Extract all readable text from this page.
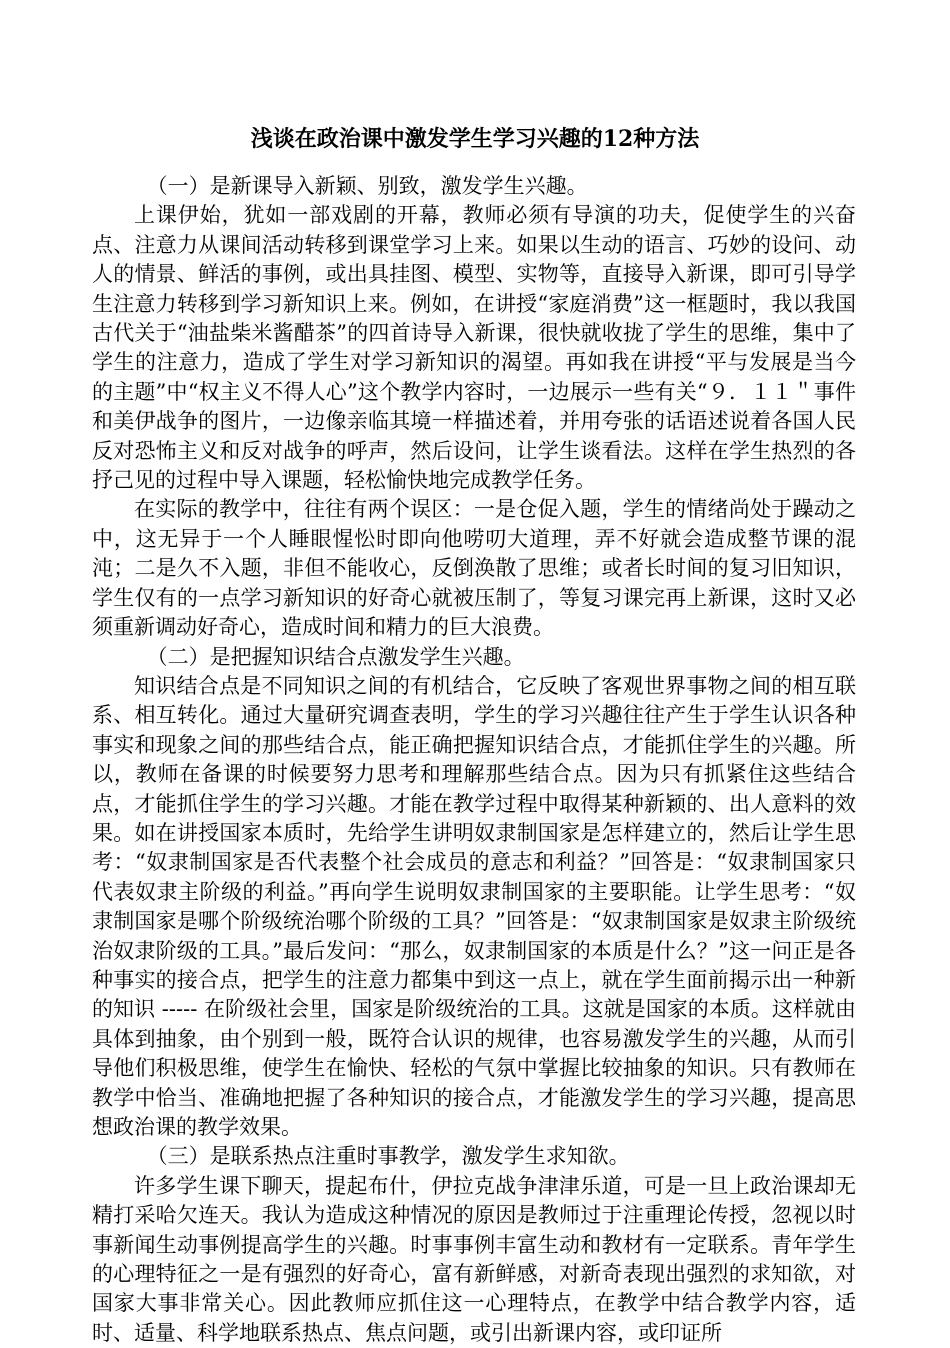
浅谈在政治课中激发学生学习兴趣的12种方法

（一）是新课导入新颖、别致，激发学生兴趣。

上课伊始，犹如一部戏剧的开幕，教师必须有导演的功夫，促使学生的兴奋点、注意力从课间活动转移到课堂学习上来。如果以生动的语言、巧妙的设问、动人的情景、鲜活的事例，或出具挂图、模型、实物等，直接导入新课，即可引导学生注意力转移到学习新知识上来。例如，在讲授“家庭消费”这一框题时，我以我国古代关于“油盐柴米酱醋茶”的四首诗导入新课，很快就收拢了学生的思维，集中了学生的注意力，造成了学生对学习新知识的渴望。再如我在讲授“平与发展是当今的主题”中“权主义不得人心”这个教学内容时，一边展示一些有关“９．１１＂事件和美伊战争的图片，一边像亲临其境一样描述着，并用夸张的话语述说着各国人民反对恐怖主义和反对战争的呼声，然后设问，让学生谈看法。这样在学生热烈的各抒己见的过程中导入课题，轻松愉快地完成教学任务。

在实际的教学中，往往有两个误区：一是仓促入题，学生的情绪尚处于躁动之中，这无异于一个人睡眼惺忪时即向他唠叨大道理，弄不好就会造成整节课的混沌；二是久不入题，非但不能收心，反倒涣散了思维；或者长时间的复习旧知识，学生仅有的一点学习新知识的好奇心就被压制了，等复习课完再上新课，这时又必须重新调动好奇心，造成时间和精力的巨大浪费。

（二）是把握知识结合点激发学生兴趣。

知识结合点是不同知识之间的有机结合，它反映了客观世界事物之间的相互联系、相互转化。通过大量研究调查表明，学生的学习兴趣往往产生于学生认识各种事实和现象之间的那些结合点，能正确把握知识结合点，才能抓住学生的兴趣。所以，教师在备课的时候要努力思考和理解那些结合点。因为只有抓紧住这些结合点，才能抓住学生的学习兴趣。才能在教学过程中取得某种新颖的、出人意料的效果。如在讲授国家本质时，先给学生讲明奴隶制国家是怎样建立的，然后让学生思考：“奴隶制国家是否代表整个社会成员的意志和利益？”回答是：“奴隶制国家只代表奴隶主阶级的利益。”再向学生说明奴隶制国家的主要职能。让学生思考：“奴隶制国家是哪个阶级统治哪个阶级的工具？”回答是：“奴隶制国家是奴隶主阶级统治奴隶阶级的工具。”最后发问：“那么，奴隶制国家的本质是什么？”这一问正是各种事实的接合点，把学生的注意力都集中到这一点上，就在学生面前揭示出一种新的知识 ----- 在阶级社会里，国家是阶级统治的工具。这就是国家的本质。这样就由具体到抽象，由个别到一般，既符合认识的规律，也容易激发学生的兴趣，从而引导他们积极思维，使学生在愉快、轻松的气氛中掌握比较抽象的知识。只有教师在教学中恰当、准确地把握了各种知识的接合点，才能激发学生的学习兴趣，提高思想政治课的教学效果。

（三）是联系热点注重时事教学，激发学生求知欲。

许多学生课下聊天，提起布什，伊拉克战争津津乐道，可是一旦上政治课却无精打采哈欠连天。我认为造成这种情况的原因是教师过于注重理论传授，忽视以时事新闻生动事例提高学生的兴趣。时事事例丰富生动和教材有一定联系。青年学生的心理特征之一是有强烈的好奇心，富有新鲜感，对新奇表现出强烈的求知欲，对国家大事非常关心。因此教师应抓住这一心理特点，在教学中结合教学内容，适时、适量、科学地联系热点、焦点问题，或引出新课内容，或印证所
